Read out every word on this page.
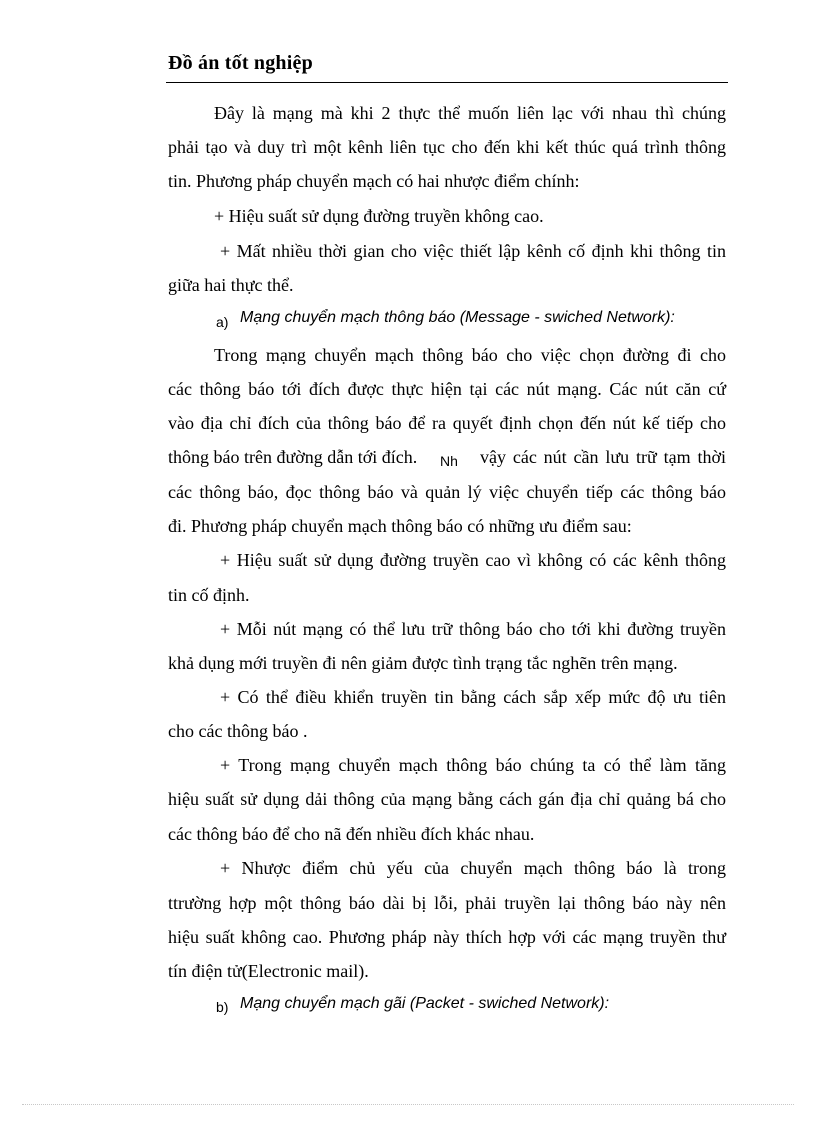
Đồ án tốt nghiệp
Đây là mạng mà khi 2 thực thể muốn liên lạc với nhau thì chúng
phải tạo và duy trì một kênh liên tục cho đến khi kết thúc quá trình thông
tin. Phương pháp chuyển mạch có hai nhược điểm chính:
+ Hiệu suất sử dụng đường truyền không cao.
+ Mất nhiều thời gian cho việc thiết lập kênh cố định khi thông tin
giữa hai thực thể.
a) Mạng chuyển mạch thông báo (Message - swiched Network):
Trong mạng chuyển mạch thông báo cho việc chọn đường đi cho
các thông báo tới đích được thực hiện tại các nút mạng. Các nút căn cứ
vào địa chỉ đích của thông báo để ra quyết định chọn đến nút kế tiếp cho
thông báo trên đường dẫn tới đích. Nh vậy các nút cần lưu trữ tạm thời
các thông báo, đọc thông báo và quản lý việc chuyển tiếp các thông báo
đi. Phương pháp chuyển mạch thông báo có những ưu điểm sau:
+ Hiệu suất sử dụng đường truyền cao vì không có các kênh thông
tin cố định.
+ Mỗi nút mạng có thể lưu trữ thông báo cho tới khi đường truyền
khả dụng mới truyền đi nên giảm được tình trạng tắc nghẽn trên mạng.
+ Có thể điều khiển truyền tin bằng cách sắp xếp mức độ ưu tiên
cho các thông báo .
+ Trong mạng chuyển mạch thông báo chúng ta có thể làm tăng
hiệu suất sử dụng dải thông của mạng bằng cách gán địa chỉ quảng bá cho
các thông báo để cho nã đến nhiều đích khác nhau.
+ Nhược điểm chủ yếu của chuyển mạch thông báo là trong
ttrường hợp một thông báo dài bị lỗi, phải truyền lại thông báo này nên
hiệu suất không cao. Phương pháp này thích hợp với các mạng truyền thư
tín điện tử(Electronic mail).
b) Mạng chuyển mạch gãi (Packet - swiched Network):
